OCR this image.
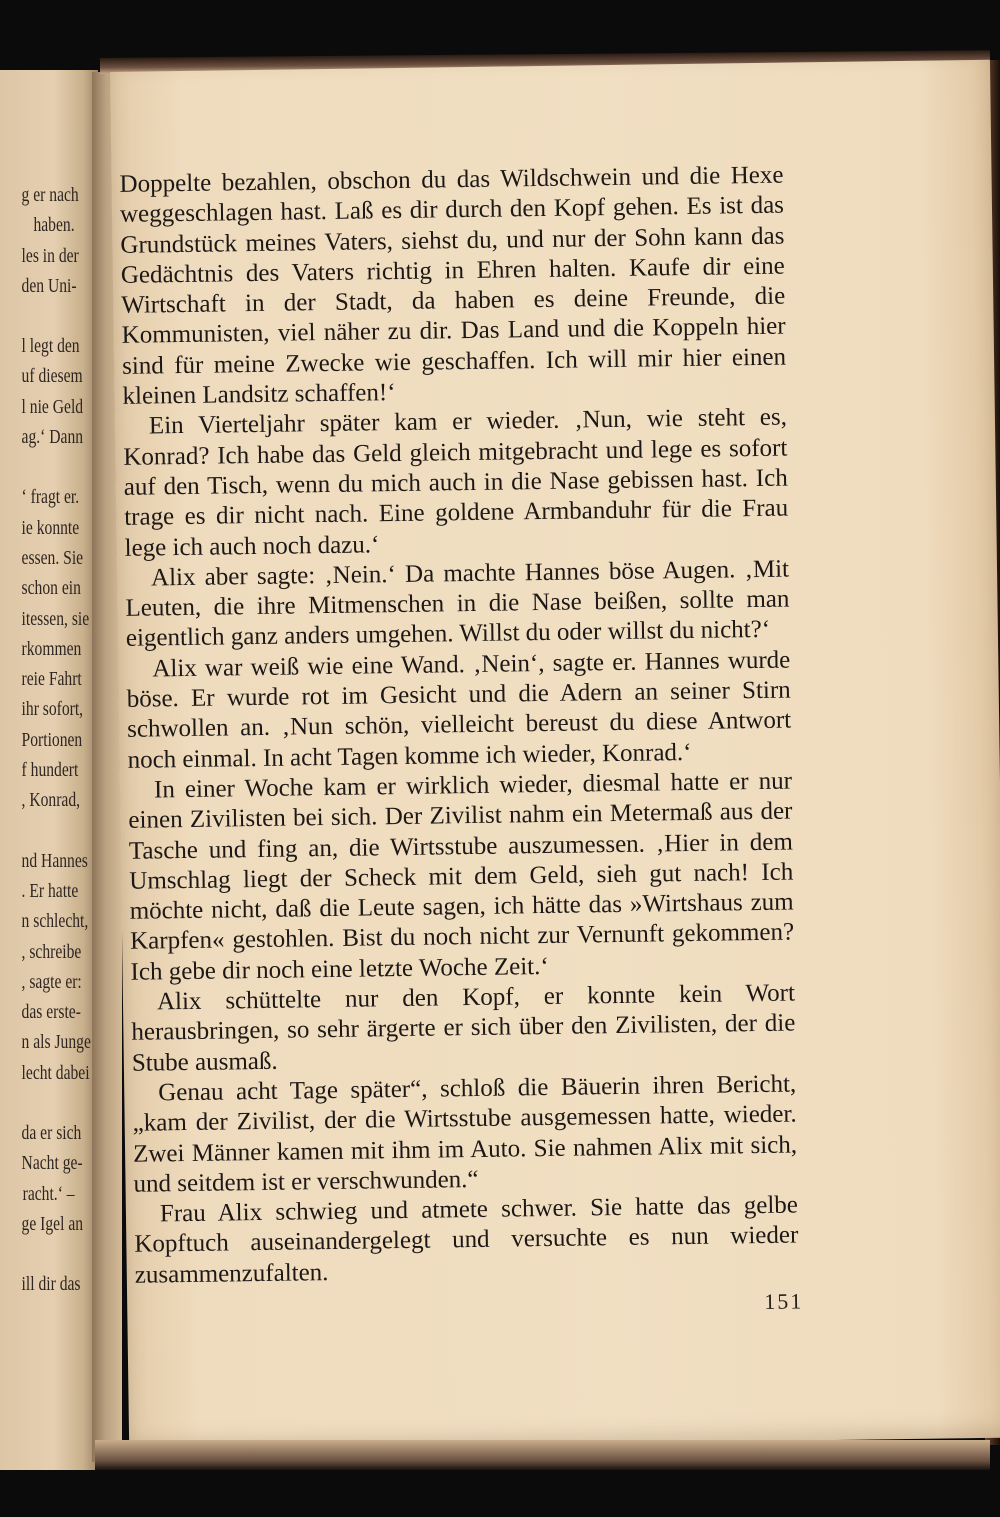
g er nach
haben.
les in der
den Uni-
l legt den
uf diesem
l nie Geld
ag.‘ Dann
‘ fragt er.
ie konnte
essen. Sie
schon ein
itessen, sie
rkommen
reie Fahrt
ihr sofort,
Portionen
f hundert
, Konrad,
nd Hannes
. Er hatte
n schlecht,
, schreibe
, sagte er:
das erste-
n als Junge
lecht dabei
da er sich
Nacht ge-
racht.‘ –
ge Igel an
ill dir das

Doppelte bezahlen, obschon du das Wildschwein und die Hexe weggeschlagen hast. Laß es dir durch den Kopf gehen. Es ist das Grundstück meines Vaters, siehst du, und nur der Sohn kann das Gedächtnis des Vaters richtig in Ehren halten. Kaufe dir eine Wirtschaft in der Stadt, da haben es deine Freunde, die Kommunisten, viel näher zu dir. Das Land und die Koppeln hier sind für meine Zwecke wie geschaffen. Ich will mir hier einen kleinen Landsitz schaffen!‘

Ein Vierteljahr später kam er wieder. ‚Nun, wie steht es, Konrad? Ich habe das Geld gleich mitgebracht und lege es sofort auf den Tisch, wenn du mich auch in die Nase gebissen hast. Ich trage es dir nicht nach. Eine goldene Armbanduhr für die Frau lege ich auch noch dazu.‘

Alix aber sagte: ‚Nein.‘ Da machte Hannes böse Augen. ‚Mit Leuten, die ihre Mitmenschen in die Nase beißen, sollte man eigentlich ganz anders umgehen. Willst du oder willst du nicht?‘

Alix war weiß wie eine Wand. ‚Nein‘, sagte er. Hannes wurde böse. Er wurde rot im Gesicht und die Adern an seiner Stirn schwollen an. ‚Nun schön, vielleicht bereust du diese Antwort noch einmal. In acht Tagen komme ich wieder, Konrad.‘

In einer Woche kam er wirklich wieder, diesmal hatte er nur einen Zivilisten bei sich. Der Zivilist nahm ein Metermaß aus der Tasche und fing an, die Wirtsstube auszumessen. ‚Hier in dem Umschlag liegt der Scheck mit dem Geld, sieh gut nach! Ich möchte nicht, daß die Leute sagen, ich hätte das »Wirtshaus zum Karpfen« gestohlen. Bist du noch nicht zur Vernunft gekommen? Ich gebe dir noch eine letzte Woche Zeit.‘

Alix schüttelte nur den Kopf, er konnte kein Wort herausbringen, so sehr ärgerte er sich über den Zivilisten, der die Stube ausmaß.

Genau acht Tage später“, schloß die Bäuerin ihren Bericht, „kam der Zivilist, der die Wirtsstube ausgemessen hatte, wieder. Zwei Männer kamen mit ihm im Auto. Sie nahmen Alix mit sich, und seitdem ist er verschwunden.“

Frau Alix schwieg und atmete schwer. Sie hatte das gelbe Kopftuch auseinandergelegt und versuchte es nun wieder zusammenzufalten.

151
